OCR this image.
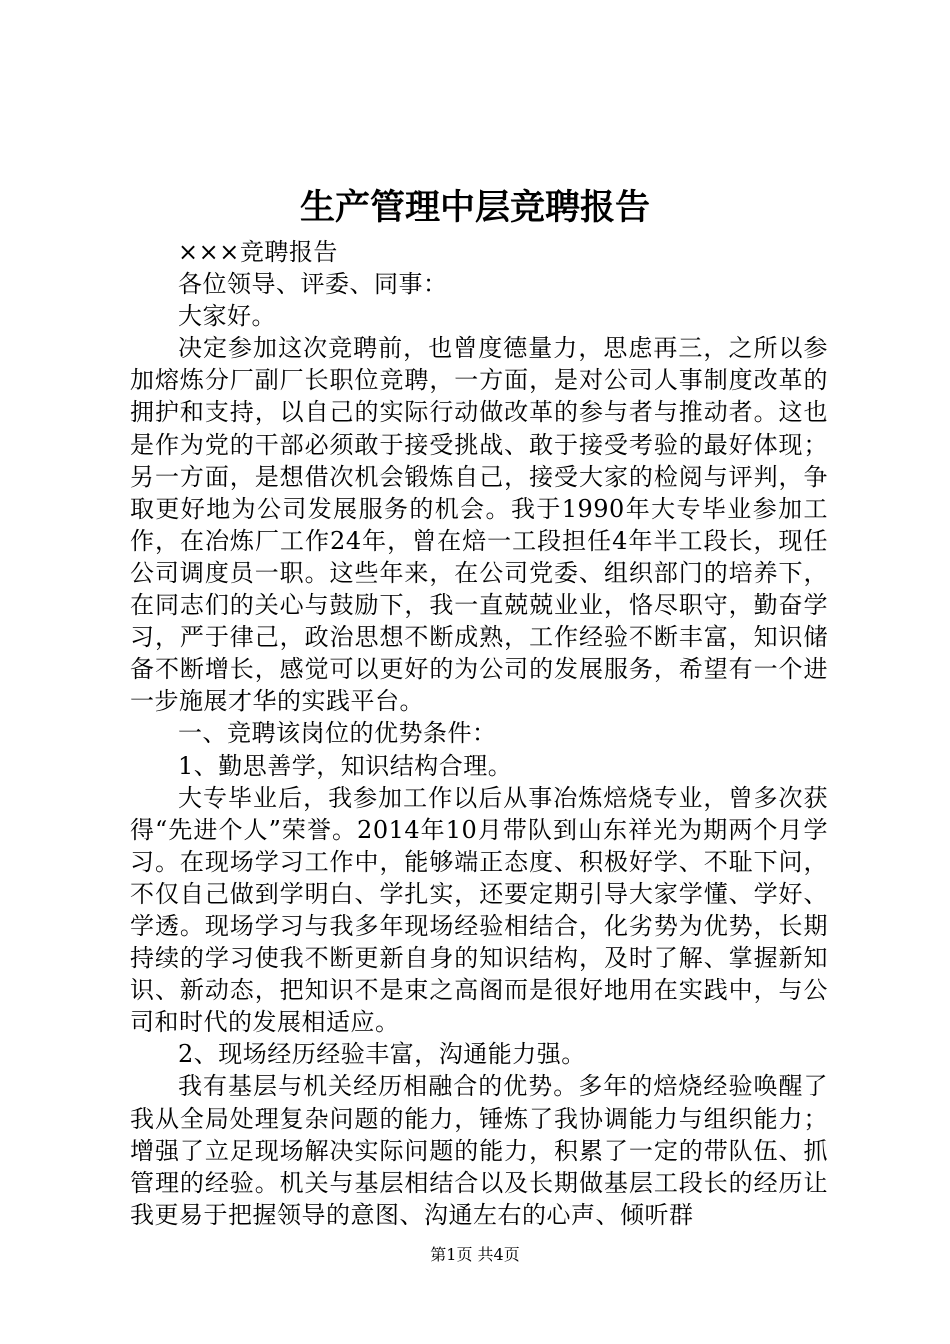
生产管理中层竞聘报告

×××竞聘报告

各位领导、评委、同事：

大家好。

决定参加这次竞聘前，也曾度德量力，思虑再三，之所以参加熔炼分厂副厂长职位竞聘，一方面，是对公司人事制度改革的拥护和支持，以自己的实际行动做改革的参与者与推动者。这也是作为党的干部必须敢于接受挑战、敢于接受考验的最好体现；另一方面，是想借次机会锻炼自己，接受大家的检阅与评判，争取更好地为公司发展服务的机会。我于1990年大专毕业参加工作，在冶炼厂工作24年，曾在焙一工段担任4年半工段长，现任公司调度员一职。这些年来，在公司党委、组织部门的培养下，在同志们的关心与鼓励下，我一直兢兢业业，恪尽职守，勤奋学习，严于律己，政治思想不断成熟，工作经验不断丰富，知识储备不断增长，感觉可以更好的为公司的发展服务，希望有一个进一步施展才华的实践平台。

一、竞聘该岗位的优势条件：

1、勤思善学，知识结构合理。

大专毕业后，我参加工作以后从事冶炼焙烧专业，曾多次获得“先进个人”荣誉。2014年10月带队到山东祥光为期两个月学习。在现场学习工作中，能够端正态度、积极好学、不耻下问，不仅自己做到学明白、学扎实，还要定期引导大家学懂、学好、学透。现场学习与我多年现场经验相结合，化劣势为优势，长期持续的学习使我不断更新自身的知识结构，及时了解、掌握新知识、新动态，把知识不是束之高阁而是很好地用在实践中，与公司和时代的发展相适应。

2、现场经历经验丰富，沟通能力强。

我有基层与机关经历相融合的优势。多年的焙烧经验唤醒了我从全局处理复杂问题的能力，锤炼了我协调能力与组织能力；增强了立足现场解决实际问题的能力，积累了一定的带队伍、抓管理的经验。机关与基层相结合以及长期做基层工段长的经历让我更易于把握领导的意图、沟通左右的心声、倾听群

第1页 共4页
